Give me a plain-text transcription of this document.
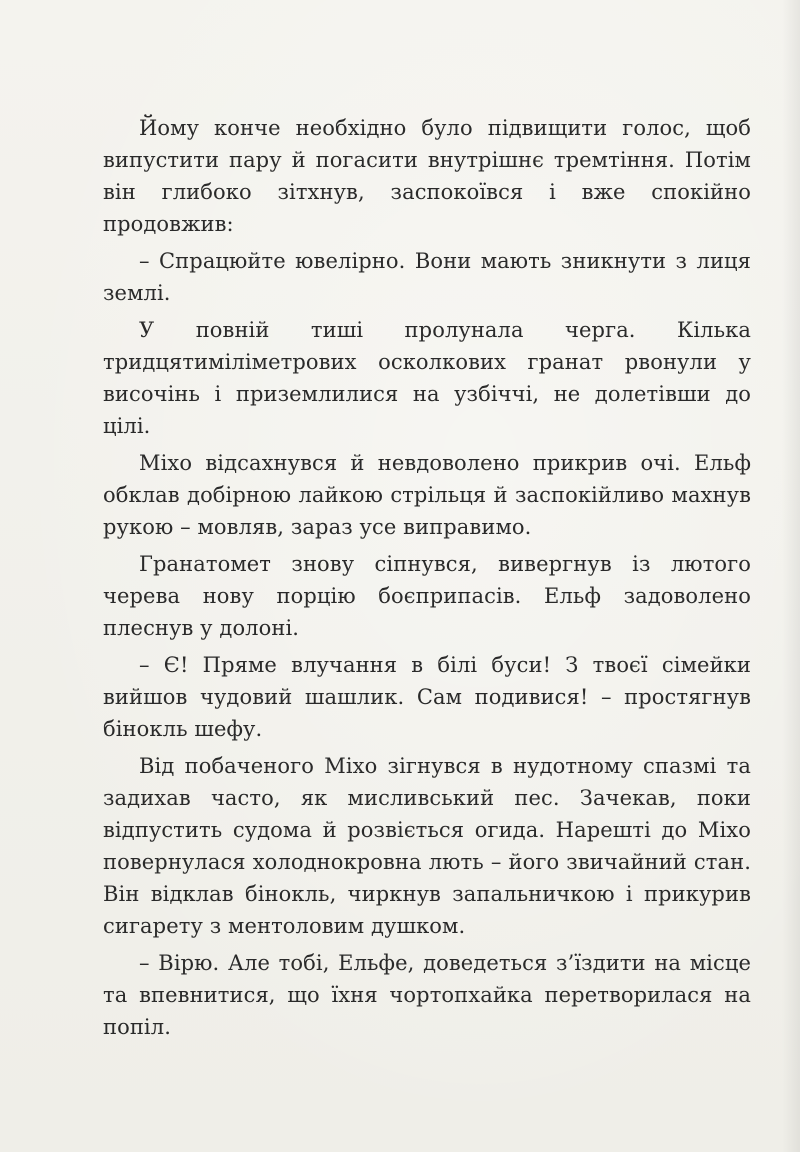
Йому конче необхідно було підвищити голос, щоб випустити пару й погасити внутрішнє тремтіння. Потім він глибоко зітхнув, заспокоївся і вже спокійно продовжив:

– Спрацюйте ювелірно. Вони мають зникнути з лиця землі.

У повній тиші пролунала черга. Кілька тридцятиміліметрових осколкових гранат рвонули у височінь і приземлилися на узбіччі, не долетівши до цілі.

Міхо відсахнувся й невдоволено прикрив очі. Ельф обклав добірною лайкою стрільця й заспокійливо махнув рукою – мовляв, зараз усе виправимо.

Гранатомет знову сіпнувся, вивергнув із лютого черева нову порцію боєприпасів. Ельф задоволено плеснув у долоні.

– Є! Пряме влучання в білі буси! З твоєї сімейки вийшов чудовий шашлик. Сам подивися! – простягнув бінокль шефу.

Від побаченого Міхо зігнувся в нудотному спазмі та задихав часто, як мисливський пес. Зачекав, поки відпустить судома й розвіється огида. Нарешті до Міхо повернулася холоднокровна лють – його звичайний стан. Він відклав бінокль, чиркнув запальничкою і прикурив сигарету з ментоловим душком.

– Вірю. Але тобі, Ельфе, доведеться з’їздити на місце та впевнитися, що їхня чортопхайка перетворилася на попіл.
